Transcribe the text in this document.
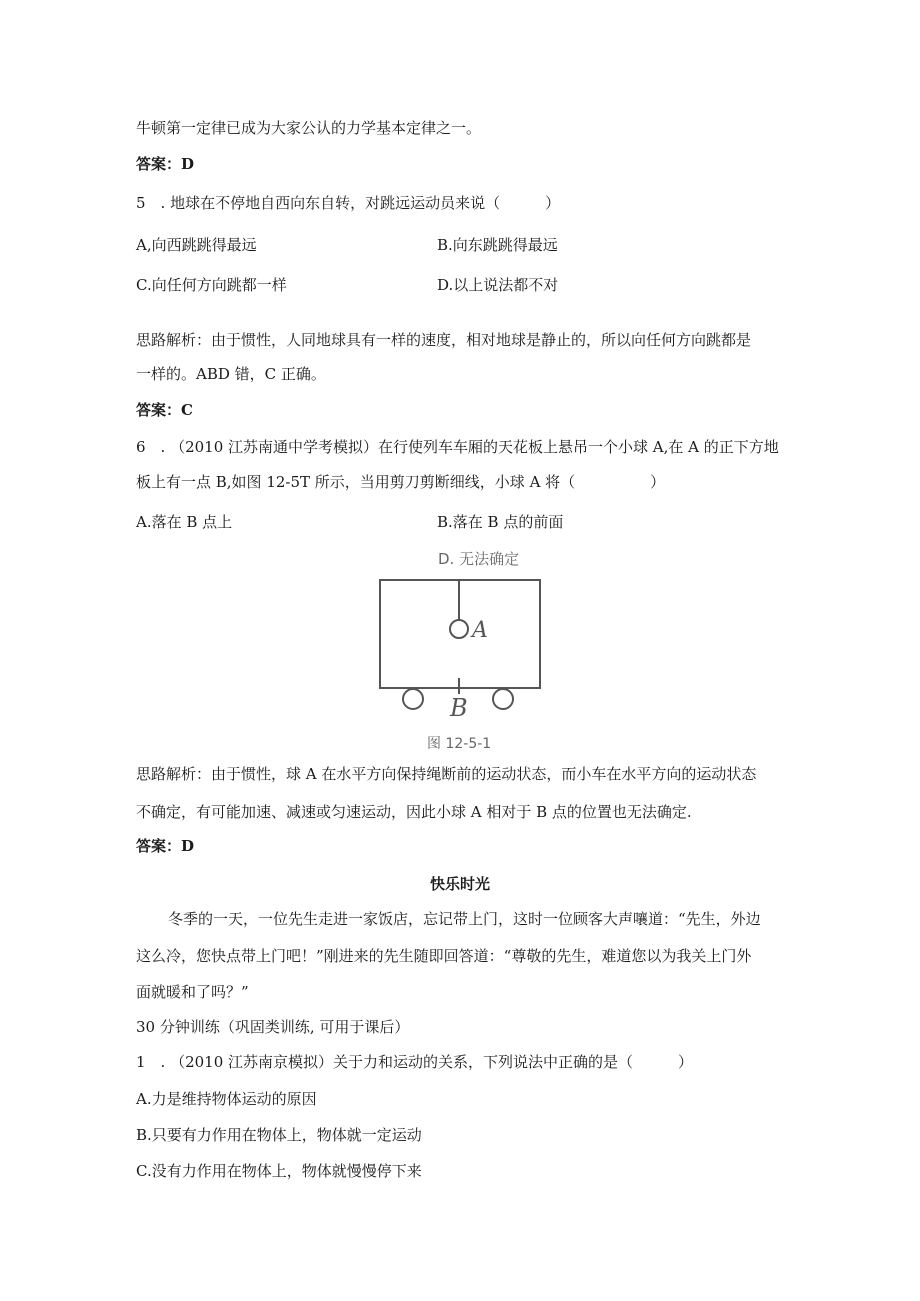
牛顿第一定律已成为大家公认的力学基本定律之一。
答案：D
5　. 地球在不停地自西向东自转，对跳远运动员来说（　　　）
A,向西跳跳得最远	B.向东跳跳得最远
C.向任何方向跳都一样	D.以上说法都不对
思路解析：由于惯性，人同地球具有一样的速度，相对地球是静止的，所以向任何方向跳都是
一样的。ABD 错，C 正确。
答案：C
6　. （2010 江苏南通中学考模拟）在行使列车车厢的天花板上悬吊一个小球 A,在 A 的正下方地
板上有一点 B,如图 12-5T 所示，当用剪刀剪断细线，小球 A 将（　　　　　）
A.落在 B 点上	B.落在 B 点的前面
D. 无法确定
A
B
图 12-5-1
思路解析：由于惯性，球 A 在水平方向保持绳断前的运动状态，而小车在水平方向的运动状态
不确定，有可能加速、减速或匀速运动，因此小球 A 相对于 B 点的位置也无法确定.
答案：D
快乐时光
冬季的一天，一位先生走进一家饭店，忘记带上门，这时一位顾客大声嚷道：“先生，外边
这么冷，您快点带上门吧！”刚进来的先生随即回答道：“尊敬的先生，难道您以为我关上门外
面就暖和了吗？”
30 分钟训练（巩固类训练, 可用于课后）
1　. （2010 江苏南京模拟）关于力和运动的关系，下列说法中正确的是（　　　）
A.力是维持物体运动的原因
B.只要有力作用在物体上，物体就一定运动
C.没有力作用在物体上，物体就慢慢停下来
